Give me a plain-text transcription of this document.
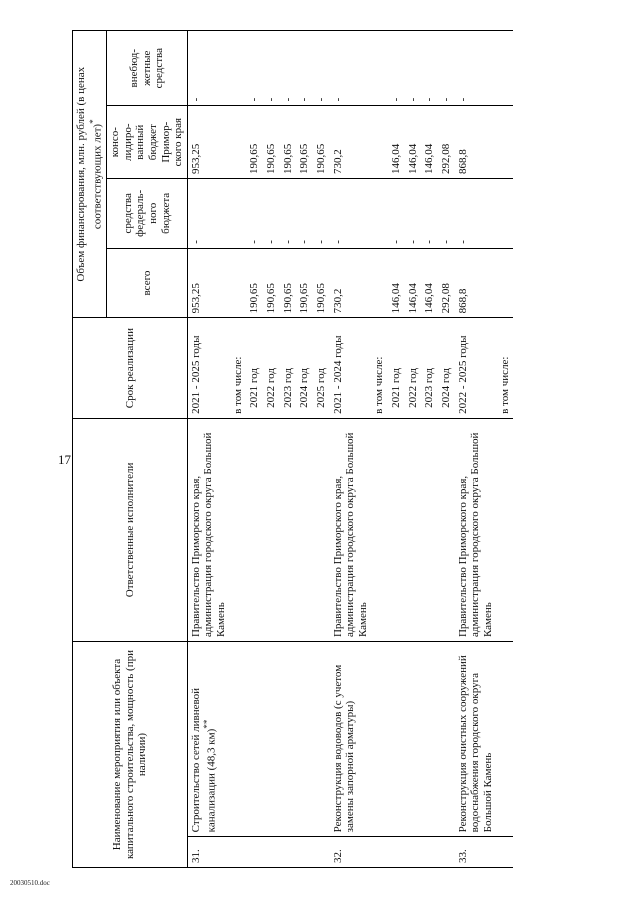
17
20030510.doc
Наименование мероприятия или объекта капитального строительства, мощность (при наличии)		Ответственные исполнители	Срок реализации	Объем финансирования, млн. рублей (в ценах соответствующих лет)*
				всего	средства федераль-ного бюджета	консо-лидиро-ванный бюджет Примор-ского края	внебюд-жетные средства
31.	Строительство сетей ливневой канализации (48,3 км)**	Правительство Приморского края, администрация городского округа Большой Камень	2021 - 2025 годы	953,25	-	953,25	-
			в том числе:				
			2021 год	190,65	-	190,65	-
			2022 год	190,65	-	190,65	-
			2023 год	190,65	-	190,65	-
			2024 год	190,65	-	190,65	-
			2025 год	190,65	-	190,65	-
32.	Реконструкция водоводов (с учетом замены запорной арматуры)	Правительство Приморского края, администрация городского округа Большой Камень	2021 - 2024 годы	730,2	-	730,2	-
			в том числе:				
			2021 год	146,04	-	146,04	-
			2022 год	146,04	-	146,04	-
			2023 год	146,04	-	146,04	-
			2024 год	292,08	-	292,08	-
33.	Реконструкция очистных сооружений водоснабжения городского округа Большой Камень	Правительство Приморского края, администрация городского округа Большой Камень	2022 - 2025 годы	868,8	-	868,8	-
			в том числе:				
